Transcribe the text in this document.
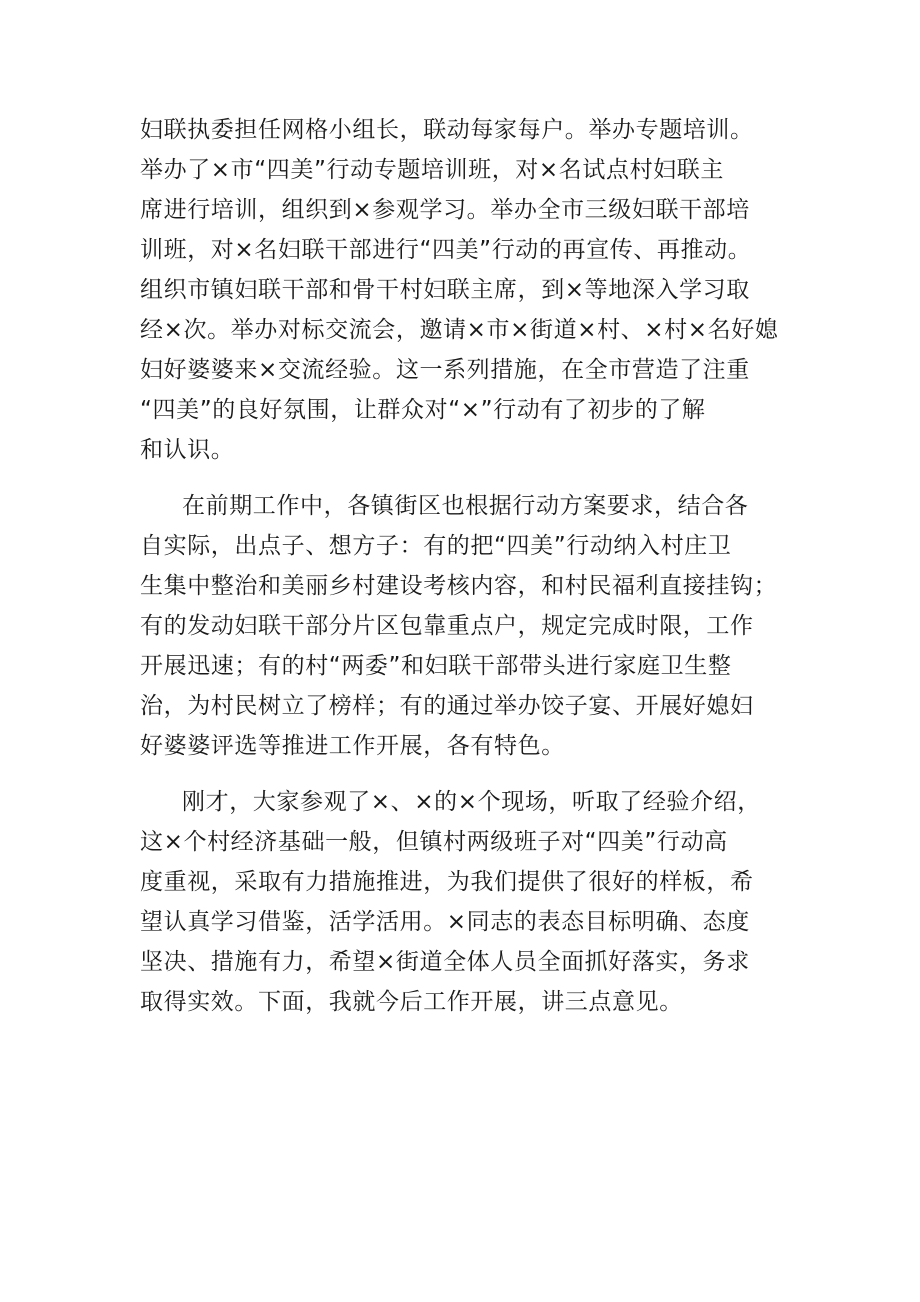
妇联执委担任网格小组长，联动每家每户。举办专题培训。
举办了×市“四美”行动专题培训班，对×名试点村妇联主
席进行培训，组织到×参观学习。举办全市三级妇联干部培
训班，对×名妇联干部进行“四美”行动的再宣传、再推动。
组织市镇妇联干部和骨干村妇联主席，到×等地深入学习取
经×次。举办对标交流会，邀请×市×街道×村、×村×名好媳
妇好婆婆来×交流经验。这一系列措施，在全市营造了注重
“四美”的良好氛围，让群众对“×”行动有了初步的了解
和认识。
在前期工作中，各镇街区也根据行动方案要求，结合各
自实际，出点子、想方子：有的把“四美”行动纳入村庄卫
生集中整治和美丽乡村建设考核内容，和村民福利直接挂钩；
有的发动妇联干部分片区包靠重点户，规定完成时限，工作
开展迅速；有的村“两委”和妇联干部带头进行家庭卫生整
治，为村民树立了榜样；有的通过举办饺子宴、开展好媳妇
好婆婆评选等推进工作开展，各有特色。
刚才，大家参观了×、×的×个现场，听取了经验介绍，
这×个村经济基础一般，但镇村两级班子对“四美”行动高
度重视，采取有力措施推进，为我们提供了很好的样板，希
望认真学习借鉴，活学活用。×同志的表态目标明确、态度
坚决、措施有力，希望×街道全体人员全面抓好落实，务求
取得实效。下面，我就今后工作开展，讲三点意见。
